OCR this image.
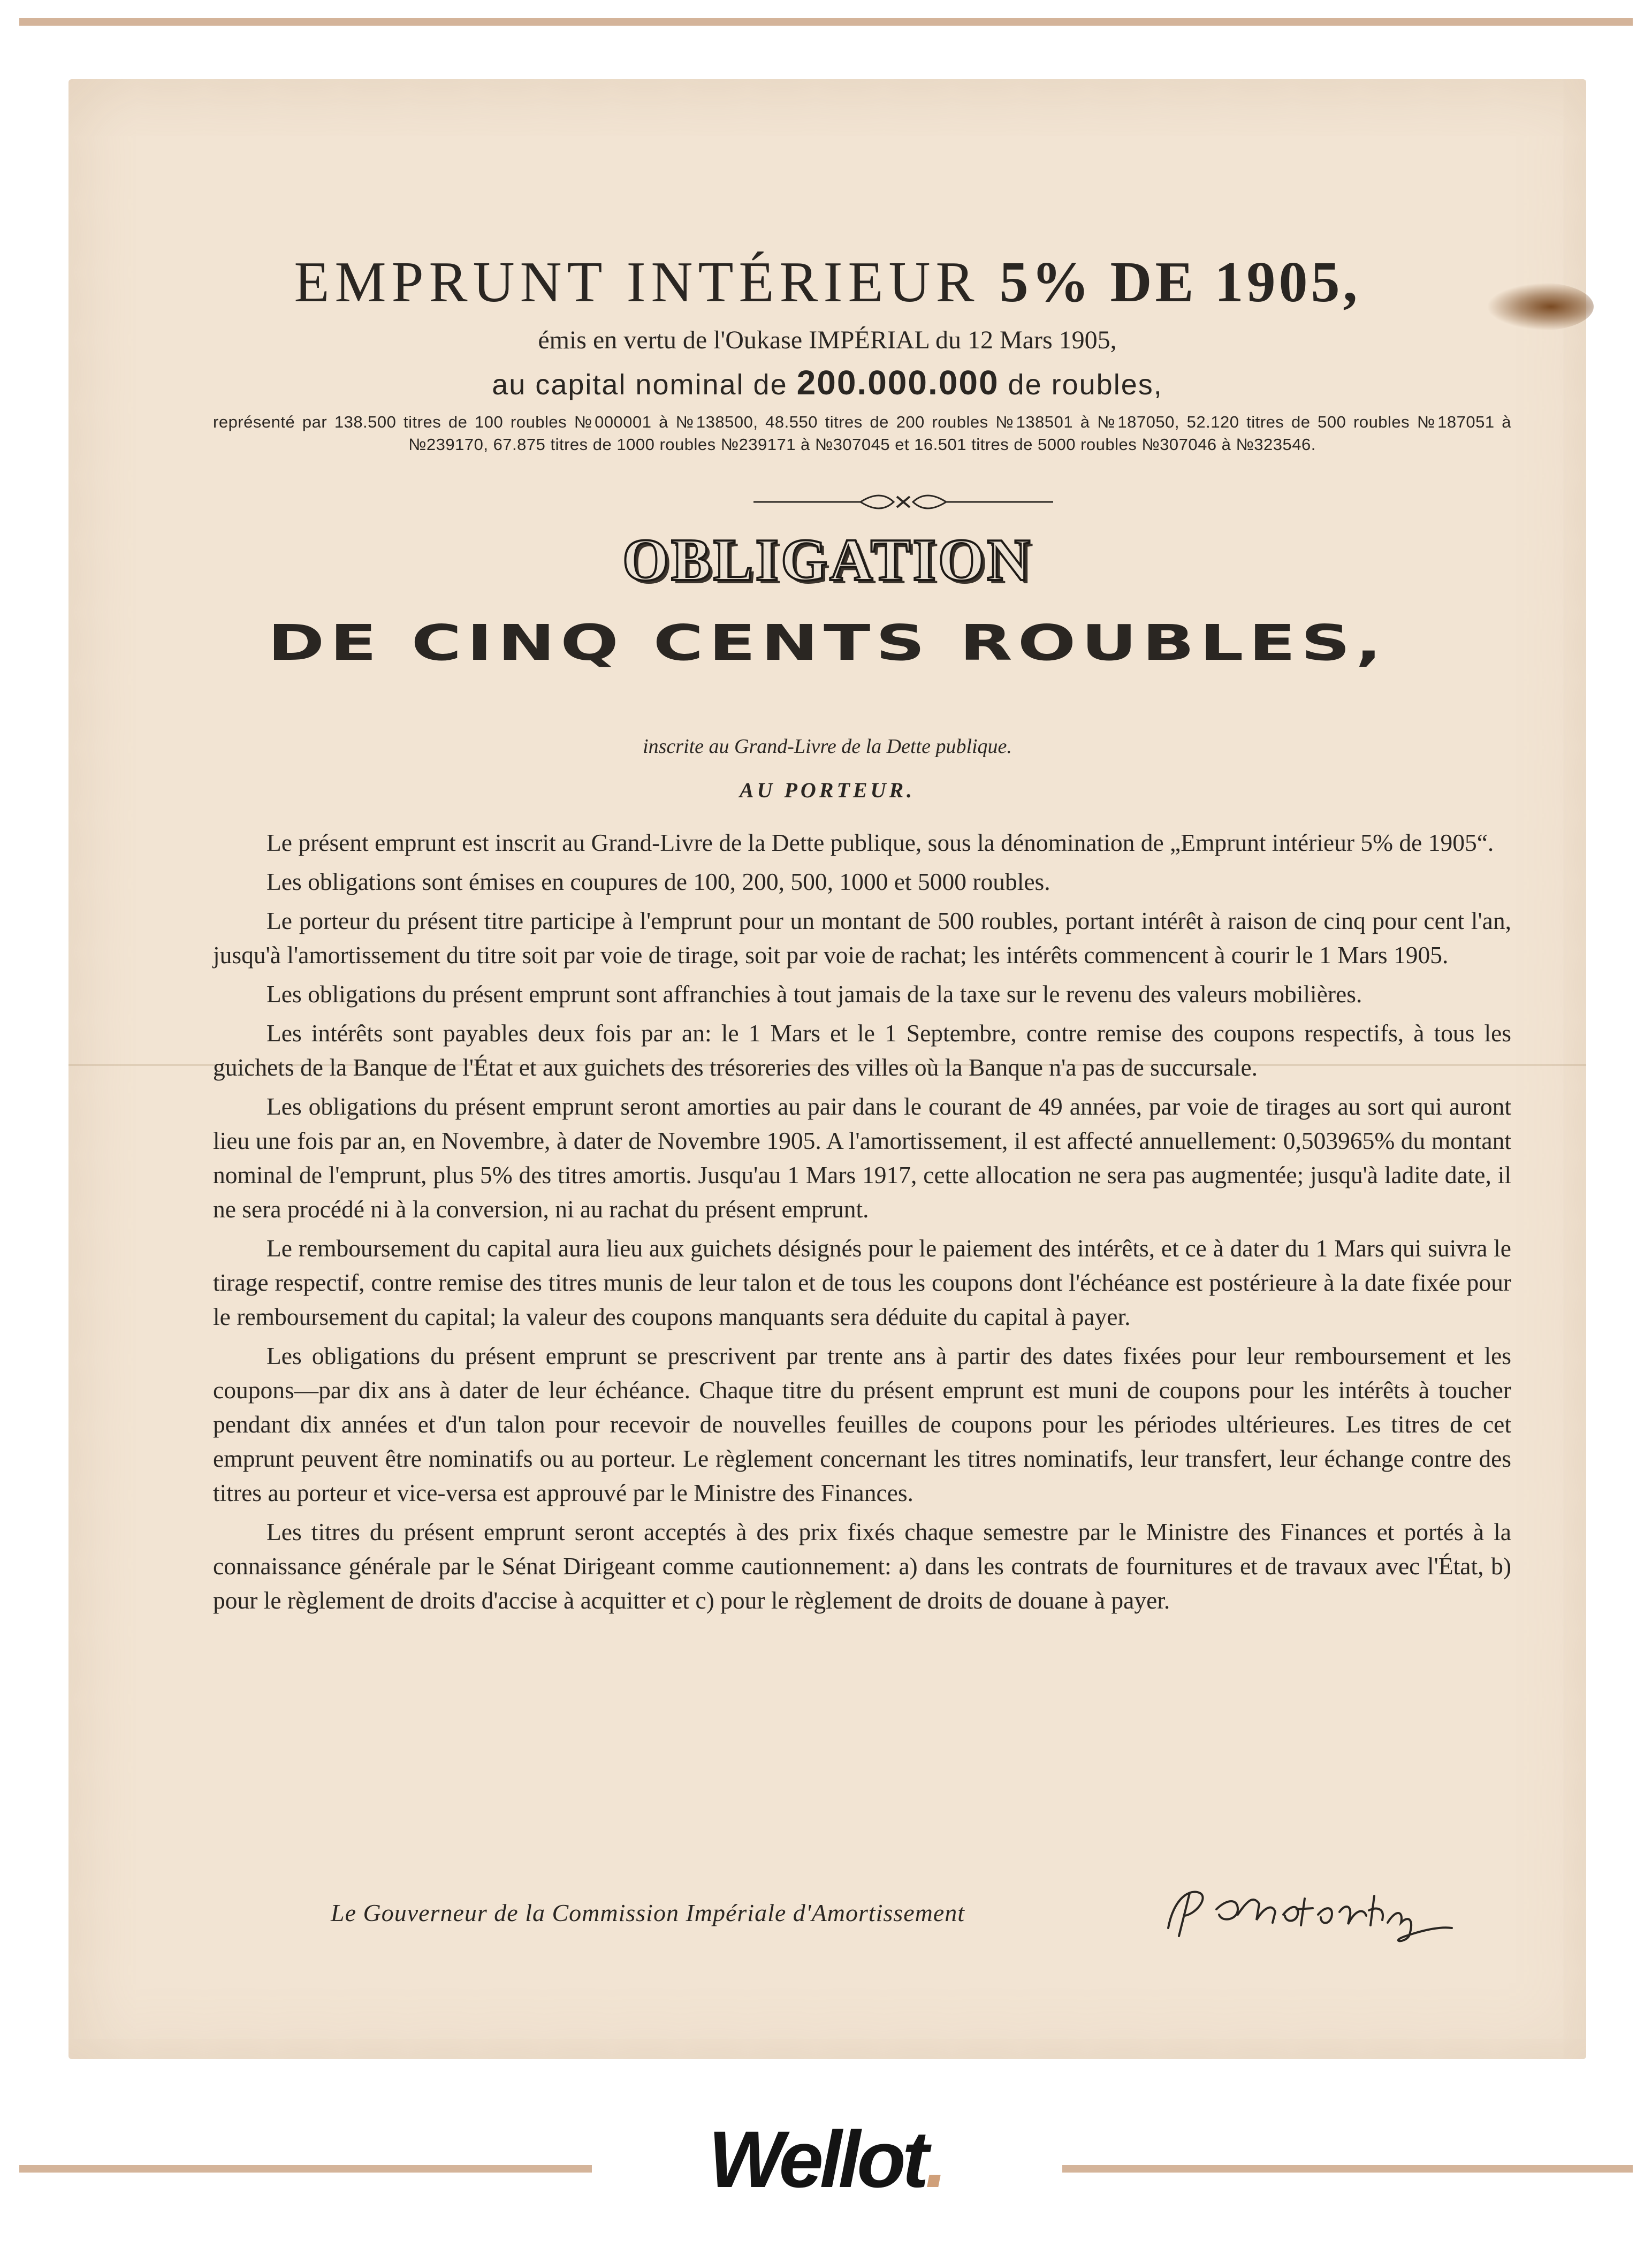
EMPRUNT INTÉRIEUR 5% DE 1905,
émis en vertu de l'Oukase IMPÉRIAL du 12 Mars 1905,
au capital nominal de 200.000.000 de roubles,
représenté par 138.500 titres de 100 roubles №000001 à №138500, 48.550 titres de 200 roubles №138501 à №187050, 52.120 titres de 500 roubles №187051 à №239170, 67.875 titres de 1000 roubles №239171 à №307045 et 16.501 titres de 5000 roubles №307046 à №323546.
OBLIGATION
DE CINQ CENTS ROUBLES,
inscrite au Grand-Livre de la Dette publique.
AU PORTEUR.

Le présent emprunt est inscrit au Grand-Livre de la Dette publique, sous la dénomination de „Emprunt intérieur 5% de 1905“.

Les obligations sont émises en coupures de 100, 200, 500, 1000 et 5000 roubles.

Le porteur du présent titre participe à l'emprunt pour un montant de 500 roubles, portant intérêt à raison de cinq pour cent l'an, jusqu'à l'amortissement du titre soit par voie de tirage, soit par voie de rachat; les intérêts commencent à courir le 1 Mars 1905.

Les obligations du présent emprunt sont affranchies à tout jamais de la taxe sur le revenu des valeurs mobilières.

Les intérêts sont payables deux fois par an: le 1 Mars et le 1 Septembre, contre remise des coupons respectifs, à tous les guichets de la Banque de l'État et aux guichets des trésoreries des villes où la Banque n'a pas de succursale.

Les obligations du présent emprunt seront amorties au pair dans le courant de 49 années, par voie de tirages au sort qui auront lieu une fois par an, en Novembre, à dater de Novembre 1905. A l'amortissement, il est affecté annuellement: 0,503965% du montant nominal de l'emprunt, plus 5% des titres amortis. Jusqu'au 1 Mars 1917, cette allocation ne sera pas augmentée; jusqu'à ladite date, il ne sera procédé ni à la conversion, ni au rachat du présent emprunt.

Le remboursement du capital aura lieu aux guichets désignés pour le paiement des intérêts, et ce à dater du 1 Mars qui suivra le tirage respectif, contre remise des titres munis de leur talon et de tous les coupons dont l'échéance est postérieure à la date fixée pour le remboursement du capital; la valeur des coupons manquants sera déduite du capital à payer.

Les obligations du présent emprunt se prescrivent par trente ans à partir des dates fixées pour leur remboursement et les coupons—par dix ans à dater de leur échéance. Chaque titre du présent emprunt est muni de coupons pour les intérêts à toucher pendant dix années et d'un talon pour recevoir de nouvelles feuilles de coupons pour les périodes ultérieures. Les titres de cet emprunt peuvent être nominatifs ou au porteur. Le règlement concernant les titres nominatifs, leur transfert, leur échange contre des titres au porteur et vice-versa est approuvé par le Ministre des Finances.

Les titres du présent emprunt seront acceptés à des prix fixés chaque semestre par le Ministre des Finances et portés à la connaissance générale par le Sénat Dirigeant comme cautionnement: a) dans les contrats de fournitures et de travaux avec l'État, b) pour le règlement de droits d'accise à acquitter et c) pour le règlement de droits de douane à payer.

Le Gouverneur de la Commission Impériale d'Amortissement
Wellot.
